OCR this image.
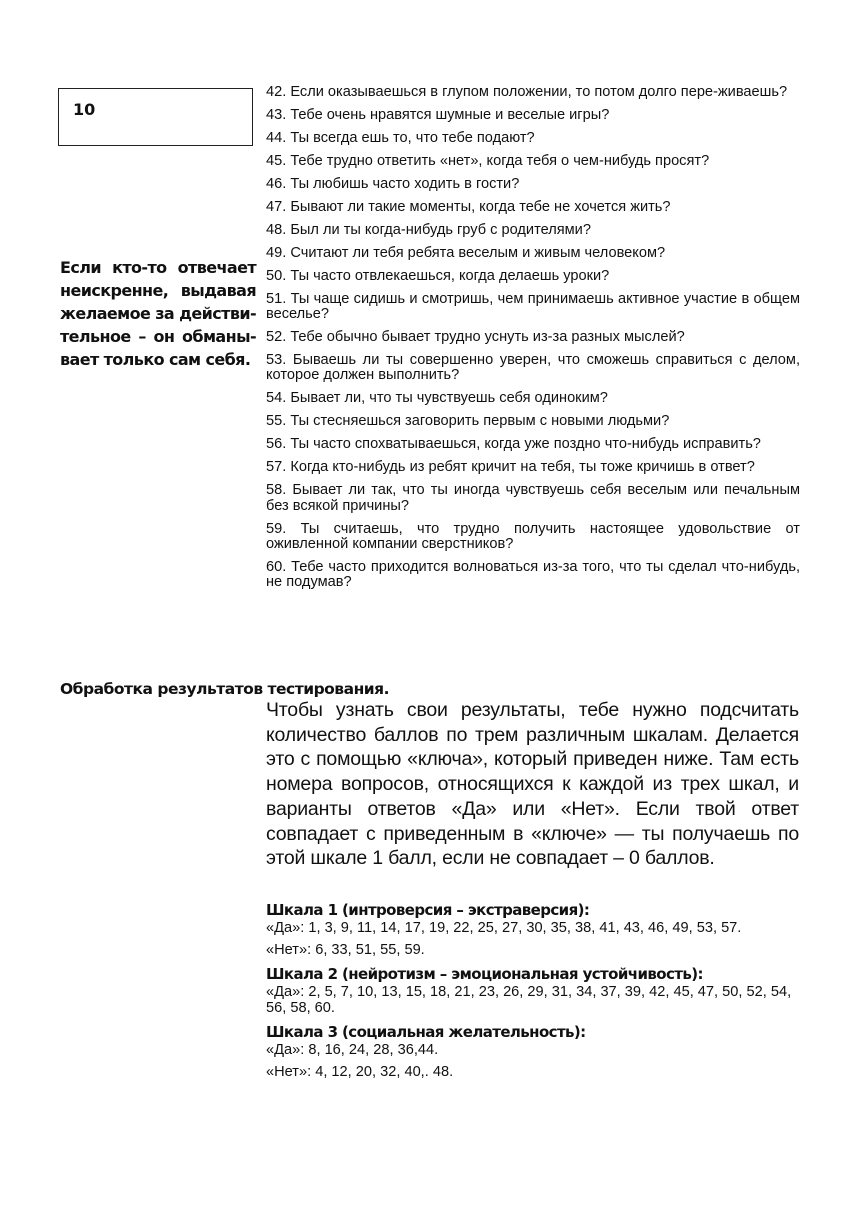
10
Если кто-то отвечает
неискренне, выдавая
желаемое за действи-
тельное – он обманы-
вает только сам себя.
42. Если оказываешься в глупом положении, то потом долго пере-живаешь?
43. Тебе очень нравятся шумные и веселые игры?
44. Ты всегда ешь то, что тебе подают?
45. Тебе трудно ответить «нет», когда тебя о чем-нибудь просят?
46. Ты любишь часто ходить в гости?
47. Бывают ли такие моменты, когда тебе не хочется жить?
48. Был ли ты когда-нибудь груб с родителями?
49. Считают ли тебя ребята веселым и живым человеком?
50. Ты часто отвлекаешься, когда делаешь уроки?
51. Ты чаще сидишь и смотришь, чем принимаешь активное участие в общем веселье?
52. Тебе обычно бывает трудно уснуть из-за разных мыслей?
53. Бываешь ли ты совершенно уверен, что сможешь справиться с делом, которое должен выполнить?
54. Бывает ли, что ты чувствуешь себя одиноким?
55. Ты стесняешься заговорить первым с новыми людьми?
56. Ты часто спохватываешься, когда уже поздно что-нибудь исправить?
57. Когда кто-нибудь из ребят кричит на тебя, ты тоже кричишь в ответ?
58. Бывает ли так, что ты иногда чувствуешь себя веселым или печальным без всякой причины?
59. Ты считаешь, что трудно получить настоящее удовольствие от оживленной компании сверстников?
60. Тебе часто приходится волноваться из-за того, что ты сделал что-нибудь, не подумав?
Обработка результатов тестирования.
Чтобы узнать свои результаты, тебе нужно подсчитать количество баллов по трем различным шкалам. Делается это с помощью «ключа», который приведен ниже. Там есть номера вопросов, относящихся к каждой из трех шкал, и варианты ответов «Да» или «Нет». Если твой ответ совпадает с приведенным в «ключе» — ты получаешь по этой шкале 1 балл, если не совпадает – 0 баллов.
Шкала 1 (интроверсия – экстраверсия):
«Да»: 1, 3, 9, 11, 14, 17, 19, 22, 25, 27, 30, 35, 38, 41, 43, 46, 49, 53, 57.
«Нет»: 6, 33, 51, 55, 59.
Шкала 2 (нейротизм – эмоциональная устойчивость):
«Да»: 2, 5, 7, 10, 13, 15, 18, 21, 23, 26, 29, 31, 34, 37, 39, 42, 45, 47, 50, 52, 54, 56, 58, 60.
Шкала 3 (социальная желательность):
«Да»: 8, 16, 24, 28, 36,44.
«Нет»: 4, 12, 20, 32, 40,. 48.
